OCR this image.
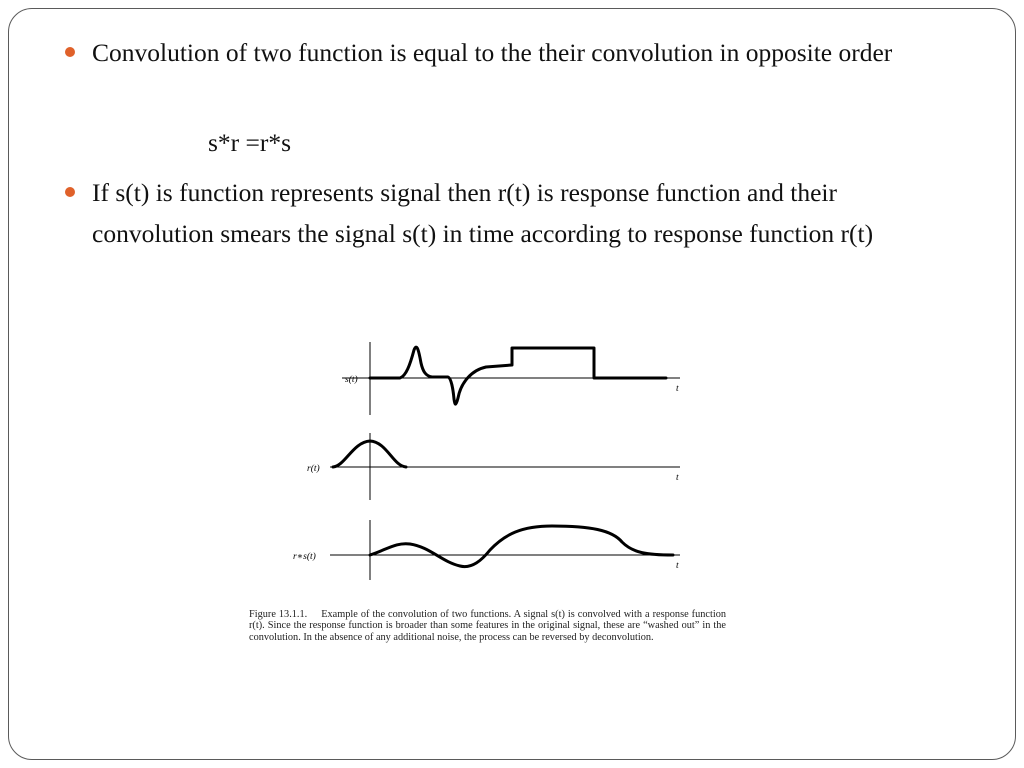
Convolution of two function is equal to the their convolution in opposite order
s*r =r*s
If s(t) is function represents signal then r(t) is response function and their convolution smears the signal s(t) in time according to response function r(t)
s(t)
r(t)
r∗s(t)
t
t
t
Figure 13.1.1. Example of the convolution of two functions. A signal s(t) is convolved with a response function r(t). Since the response function is broader than some features in the original signal, these are “washed out” in the convolution. In the absence of any additional noise, the process can be reversed by deconvolution.
